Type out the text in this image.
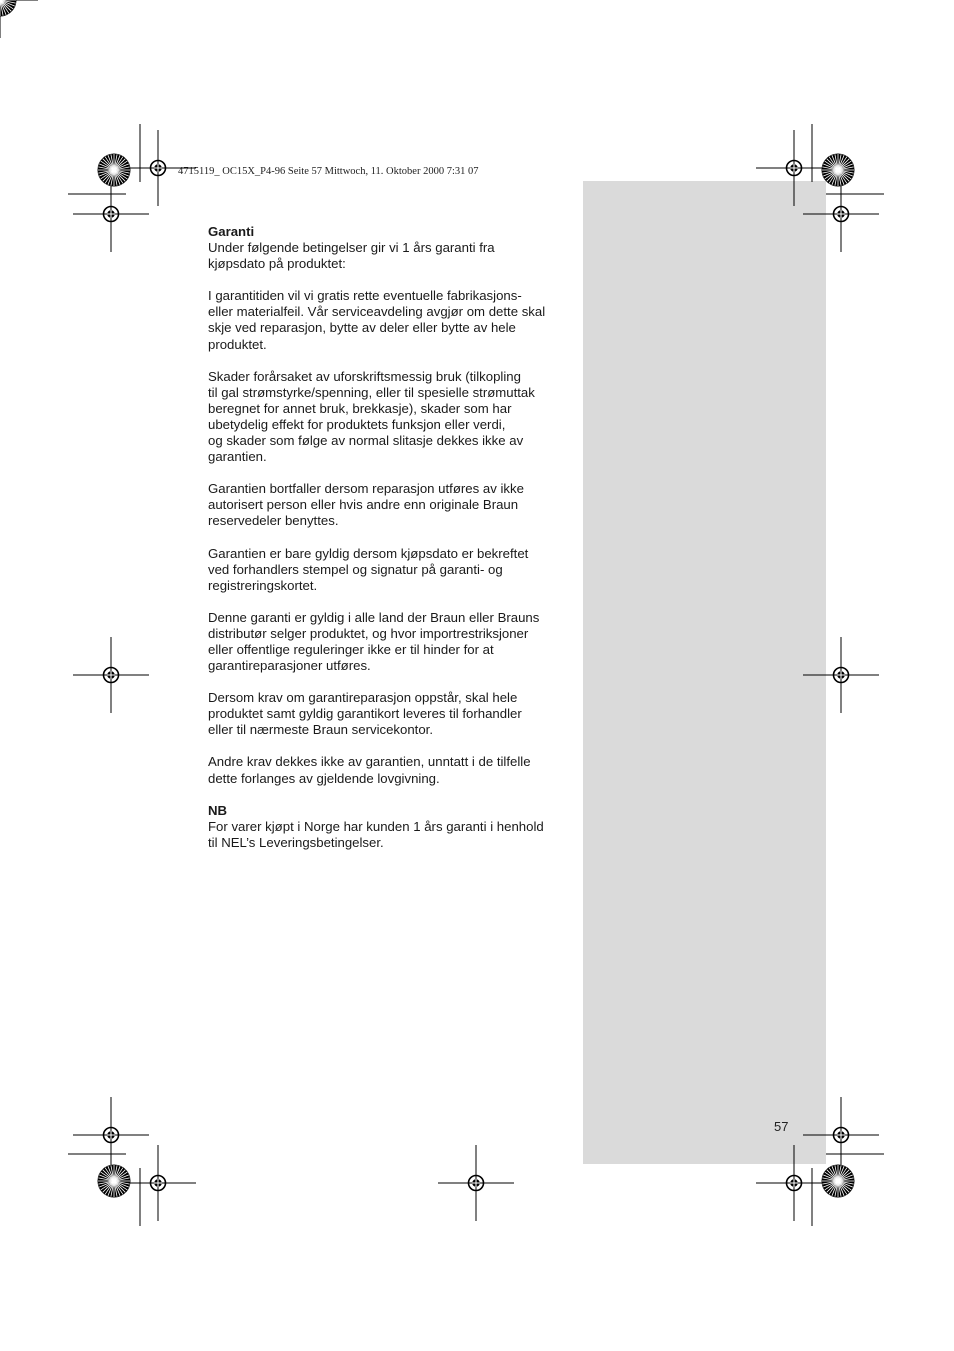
4715119_ OC15X_P4-96 Seite 57 Mittwoch, 11. Oktober 2000 7:31 07
Garanti

Under følgende betingelser gir vi 1 års garanti fra
kjøpsdato på produktet:

I garantitiden vil vi gratis rette eventuelle fabrikasjons-
eller materialfeil. Vår serviceavdeling avgjør om dette skal
skje ved reparasjon, bytte av deler eller bytte av hele
produktet.

Skader forårsaket av uforskriftsmessig bruk (tilkopling
til gal strømstyrke/spenning, eller til spesielle strømuttak
beregnet for annet bruk, brekkasje), skader som har
ubetydelig effekt for produktets funksjon eller verdi,
og skader som følge av normal slitasje dekkes ikke av
garantien.

Garantien bortfaller dersom reparasjon utføres av ikke
autorisert person eller hvis andre enn originale Braun
reservedeler benyttes.

Garantien er bare gyldig dersom kjøpsdato er bekreftet
ved forhandlers stempel og signatur på garanti- og
registreringskortet.

Denne garanti er gyldig i alle land der Braun eller Brauns
distributør selger produktet, og hvor importrestriksjoner
eller offentlige reguleringer ikke er til hinder for at
garantireparasjoner utføres.

Dersom krav om garantireparasjon oppstår, skal hele
produktet samt gyldig garantikort leveres til forhandler
eller til nærmeste Braun servicekontor.

Andre krav dekkes ikke av garantien, unntatt i de tilfelle
dette forlanges av gjeldende lovgivning.

NB

For varer kjøpt i Norge har kunden 1 års garanti i henhold
til NEL’s Leveringsbetingelser.

57
